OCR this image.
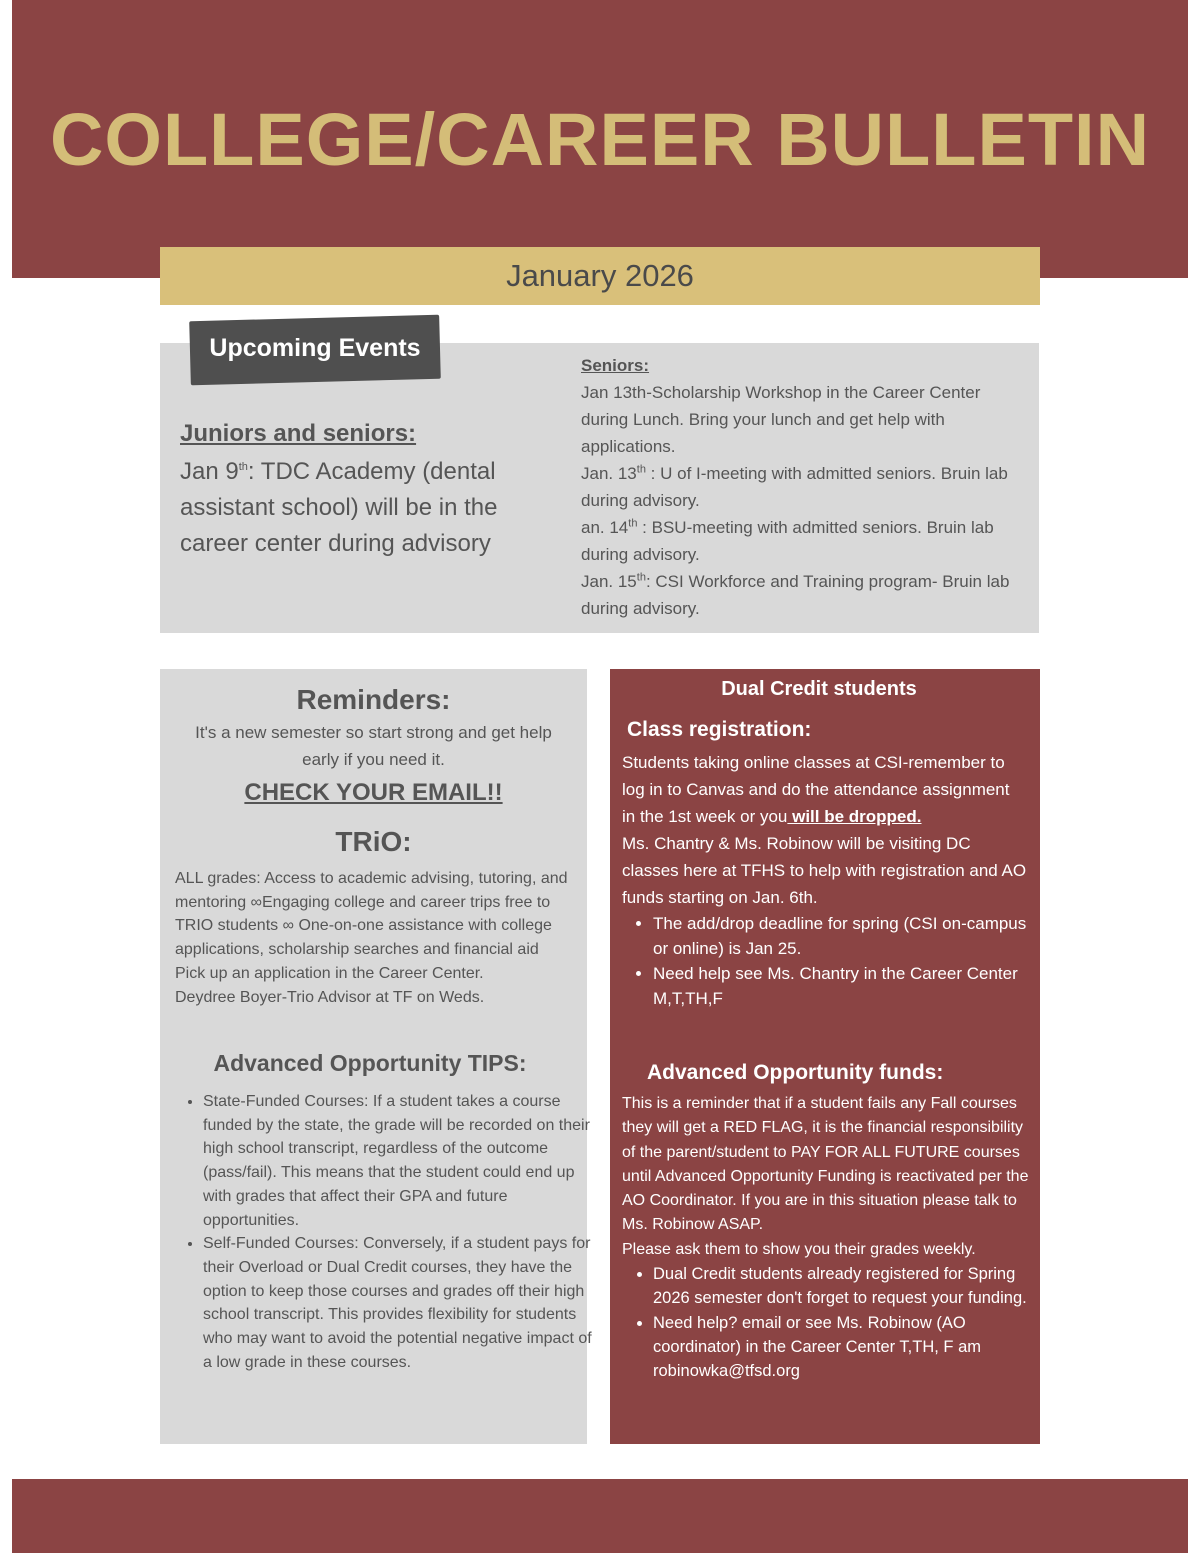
COLLEGE/CAREER BULLETIN
January 2026
Upcoming Events

Juniors and seniors:

Jan 9th: TDC Academy (dental assistant school) will be in the career center during advisory

Seniors:
Jan 13th-Scholarship Workshop in the Career Center during Lunch. Bring your lunch and get help with applications.
Jan. 13th : U of I-meeting with admitted seniors. Bruin lab during advisory.
an. 14th : BSU-meeting with admitted seniors. Bruin lab during advisory.
Jan. 15th: CSI Workforce and Training program- Bruin lab during advisory.
Reminders:
It's a new semester so start strong and get help early if you need it.
CHECK YOUR EMAIL!!
TRiO:
ALL grades: Access to academic advising, tutoring, and mentoring ∞Engaging college and career trips free to TRIO students ∞ One-on-one assistance with college applications, scholarship searches and financial aid
Pick up an application in the Career Center.
Deydree Boyer-Trio Advisor at TF on Weds.
Advanced Opportunity TIPS:
• State-Funded Courses: If a student takes a course funded by the state, the grade will be recorded on their high school transcript, regardless of the outcome (pass/fail). This means that the student could end up with grades that affect their GPA and future opportunities.
• Self-Funded Courses: Conversely, if a student pays for their Overload or Dual Credit courses, they have the option to keep those courses and grades off their high school transcript. This provides flexibility for students who may want to avoid the potential negative impact of a low grade in these courses.
Dual Credit students
Class registration:

Students taking online classes at CSI-remember to log in to Canvas and do the attendance assignment in the 1st week or you will be dropped.

Ms. Chantry & Ms. Robinow will be visiting DC classes here at TFHS to help with registration and AO funds starting on Jan. 6th.

• The add/drop deadline for spring (CSI on-campus or online) is Jan 25.
• Need help see Ms. Chantry in the Career Center M,T,TH,F
Advanced Opportunity funds:

This is a reminder that if a student fails any Fall courses they will get a RED FLAG, it is the financial responsibility of the parent/student to PAY FOR ALL FUTURE courses until Advanced Opportunity Funding is reactivated per the AO Coordinator. If you are in this situation please talk to Ms. Robinow ASAP.

Please ask them to show you their grades weekly.

• Dual Credit students already registered for Spring 2026 semester don't forget to request your funding.
• Need help? email or see Ms. Robinow (AO coordinator) in the Career Center T,TH, F am robinowka@tfsd.org
